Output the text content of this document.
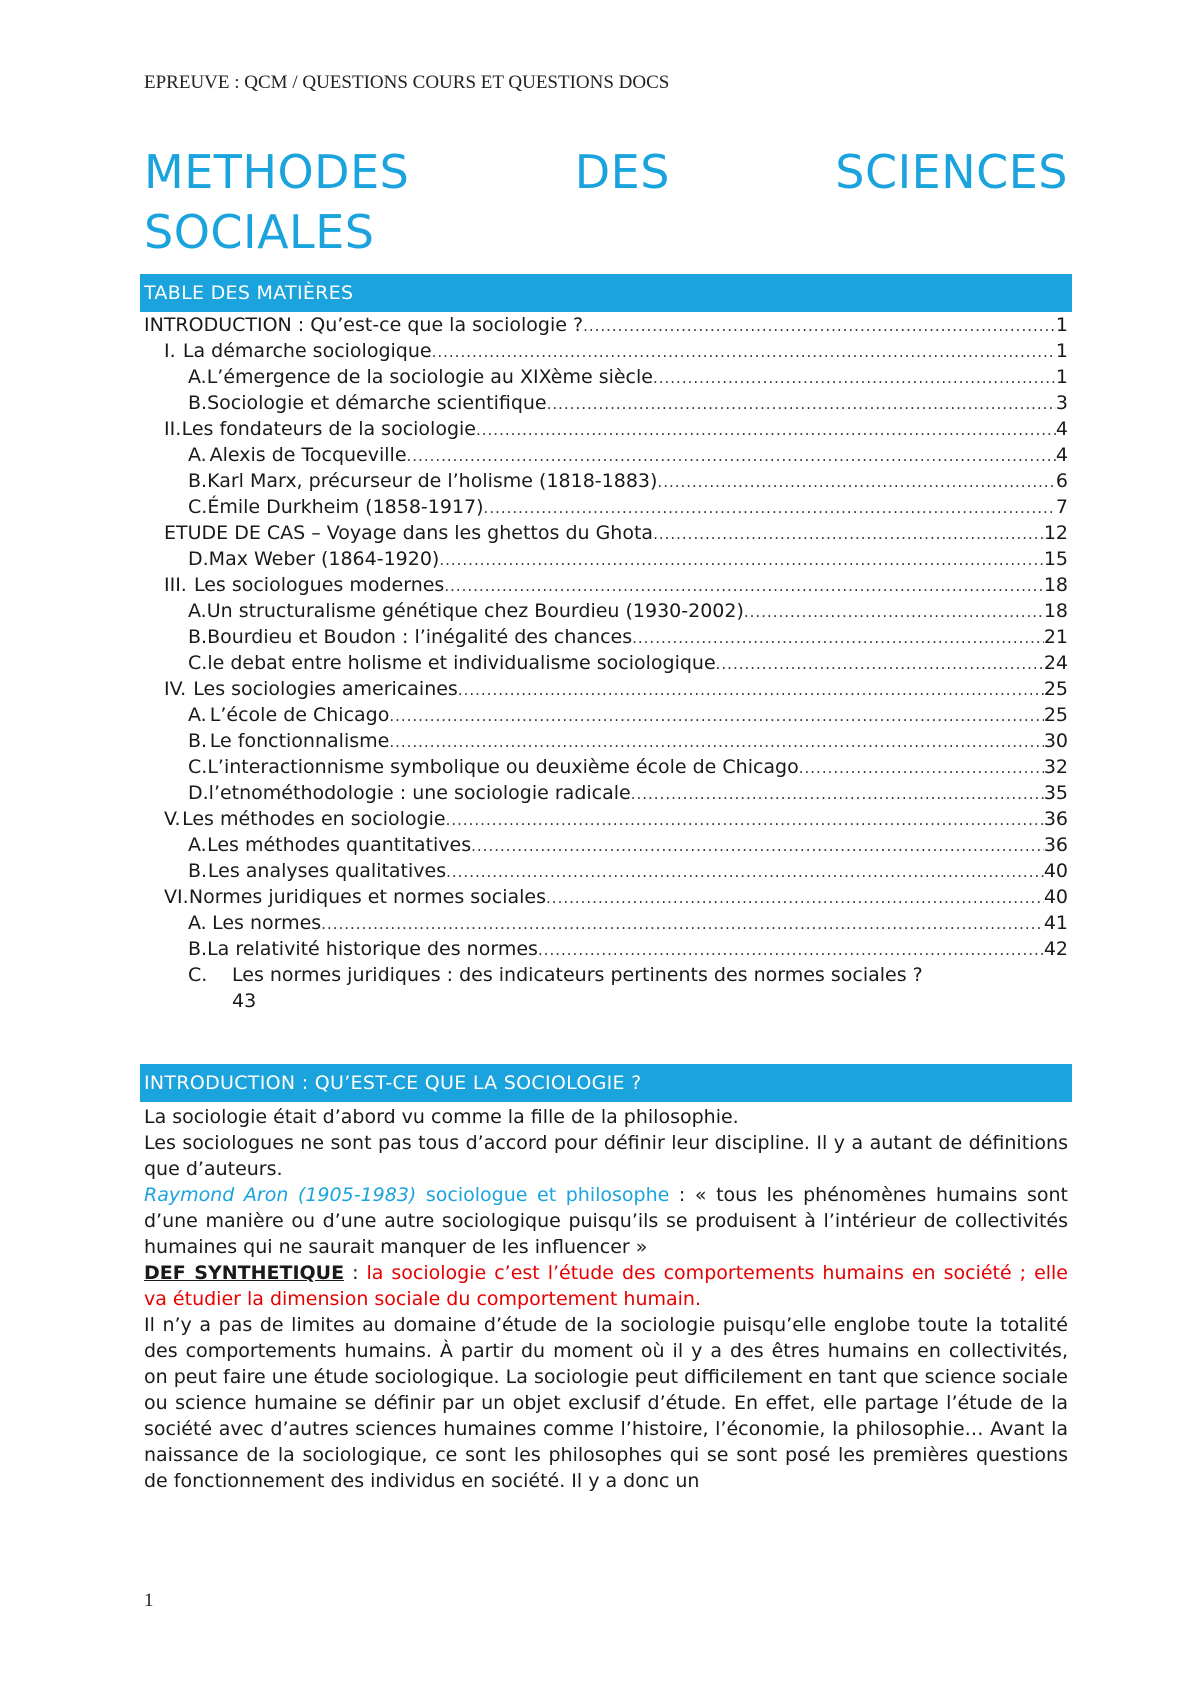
EPREUVE : QCM / QUESTIONS COURS ET QUESTIONS DOCS
METHODES	DES	SCIENCES
SOCIALES
TABLE DES MATIÈRES
INTRODUCTION : Qu’est-ce que la sociologie ? .....	1
I. La démarche sociologique .....	1
A. L’émergence de la sociologie au XIXème siècle .....	1
B. Sociologie et démarche scientifique .....	3
II. Les fondateurs de la sociologie .....	4
A. Alexis de Tocqueville .....	4
B. Karl Marx, précurseur de l’holisme (1818-1883) .....	6
C. Émile Durkheim (1858-1917) .....	7
ETUDE DE CAS – Voyage dans les ghettos du Ghota .....	12
D. Max Weber (1864-1920) .....	15
III. Les sociologues modernes .....	18
A. Un structuralisme génétique chez Bourdieu (1930-2002) .....	18
B. Bourdieu et Boudon : l’inégalité des chances .....	21
C. le debat entre holisme et individualisme sociologique .....	24
IV. Les sociologies americaines .....	25
A. L’école de Chicago .....	25
B. Le fonctionnalisme .....	30
C. L’interactionnisme symbolique ou deuxième école de Chicago .....	32
D. l’etnométhodologie : une sociologie radicale .....	35
V. Les méthodes en sociologie .....	36
A. Les méthodes quantitatives .....	36
B. Les analyses qualitatives .....	40
VI. Normes juridiques et normes sociales .....	40
A. Les normes .....	41
B. La relativité historique des normes .....	42
C.	Les normes juridiques : des indicateurs pertinents des normes sociales ?
43
INTRODUCTION : QU’EST-CE QUE LA SOCIOLOGIE ?

La sociologie était d’abord vu comme la fille de la philosophie.

Les sociologues ne sont pas tous d’accord pour définir leur discipline. Il y a autant de définitions que d’auteurs.

Raymond Aron (1905-1983) sociologue et philosophe : « tous les phénomènes humains sont d’une manière ou d’une autre sociologique puisqu’ils se produisent à l’intérieur de collectivités humaines qui ne saurait manquer de les influencer »

DEF SYNTHETIQUE : la sociologie c’est l’étude des comportements humains en société ; elle va étudier la dimension sociale du comportement humain.

Il n’y a pas de limites au domaine d’étude de la sociologie puisqu’elle englobe toute la totalité des comportements humains. À partir du moment où il y a des êtres humains en collectivités, on peut faire une étude sociologique. La sociologie peut difficilement en tant que science sociale ou science humaine se définir par un objet exclusif d’étude. En effet, elle partage l’étude de la société avec d’autres sciences humaines comme l’histoire, l’économie, la philosophie… Avant la naissance de la sociologique, ce sont les philosophes qui se sont posé les premières questions de fonctionnement des individus en société. Il y a donc un

1
